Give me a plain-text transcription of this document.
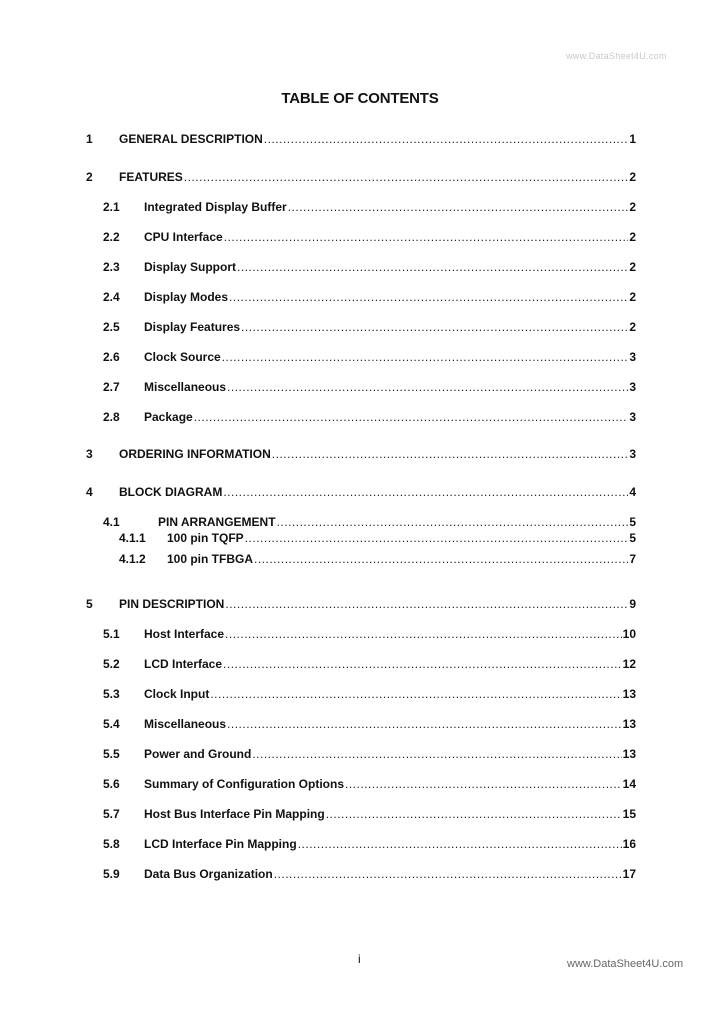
www.DataSheet4U.com
TABLE OF CONTENTS
1 GENERAL DESCRIPTION .....	1
2 FEATURES .....	2
2.1 Integrated Display Buffer .....	2
2.2 CPU Interface .....	2
2.3 Display Support .....	2
2.4 Display Modes .....	2
2.5 Display Features .....	2
2.6 Clock Source .....	3
2.7 Miscellaneous .....	3
2.8 Package .....	3
3 ORDERING INFORMATION .....	3
4 BLOCK DIAGRAM .....	4
4.1	PIN ARRANGEMENT .....	5
4.1.1 100 pin TQFP .....	5
4.1.2 100 pin TFBGA .....	7
5 PIN DESCRIPTION .....	9
5.1 Host Interface .....	10
5.2 LCD Interface .....	12
5.3 Clock Input .....	13
5.4 Miscellaneous .....	13
5.5 Power and Ground .....	13
5.6 Summary of Configuration Options .....	14
5.7 Host Bus Interface Pin Mapping .....	15
5.8 LCD Interface Pin Mapping .....	16
5.9 Data Bus Organization .....	17
i	www.DataSheet4U.com
